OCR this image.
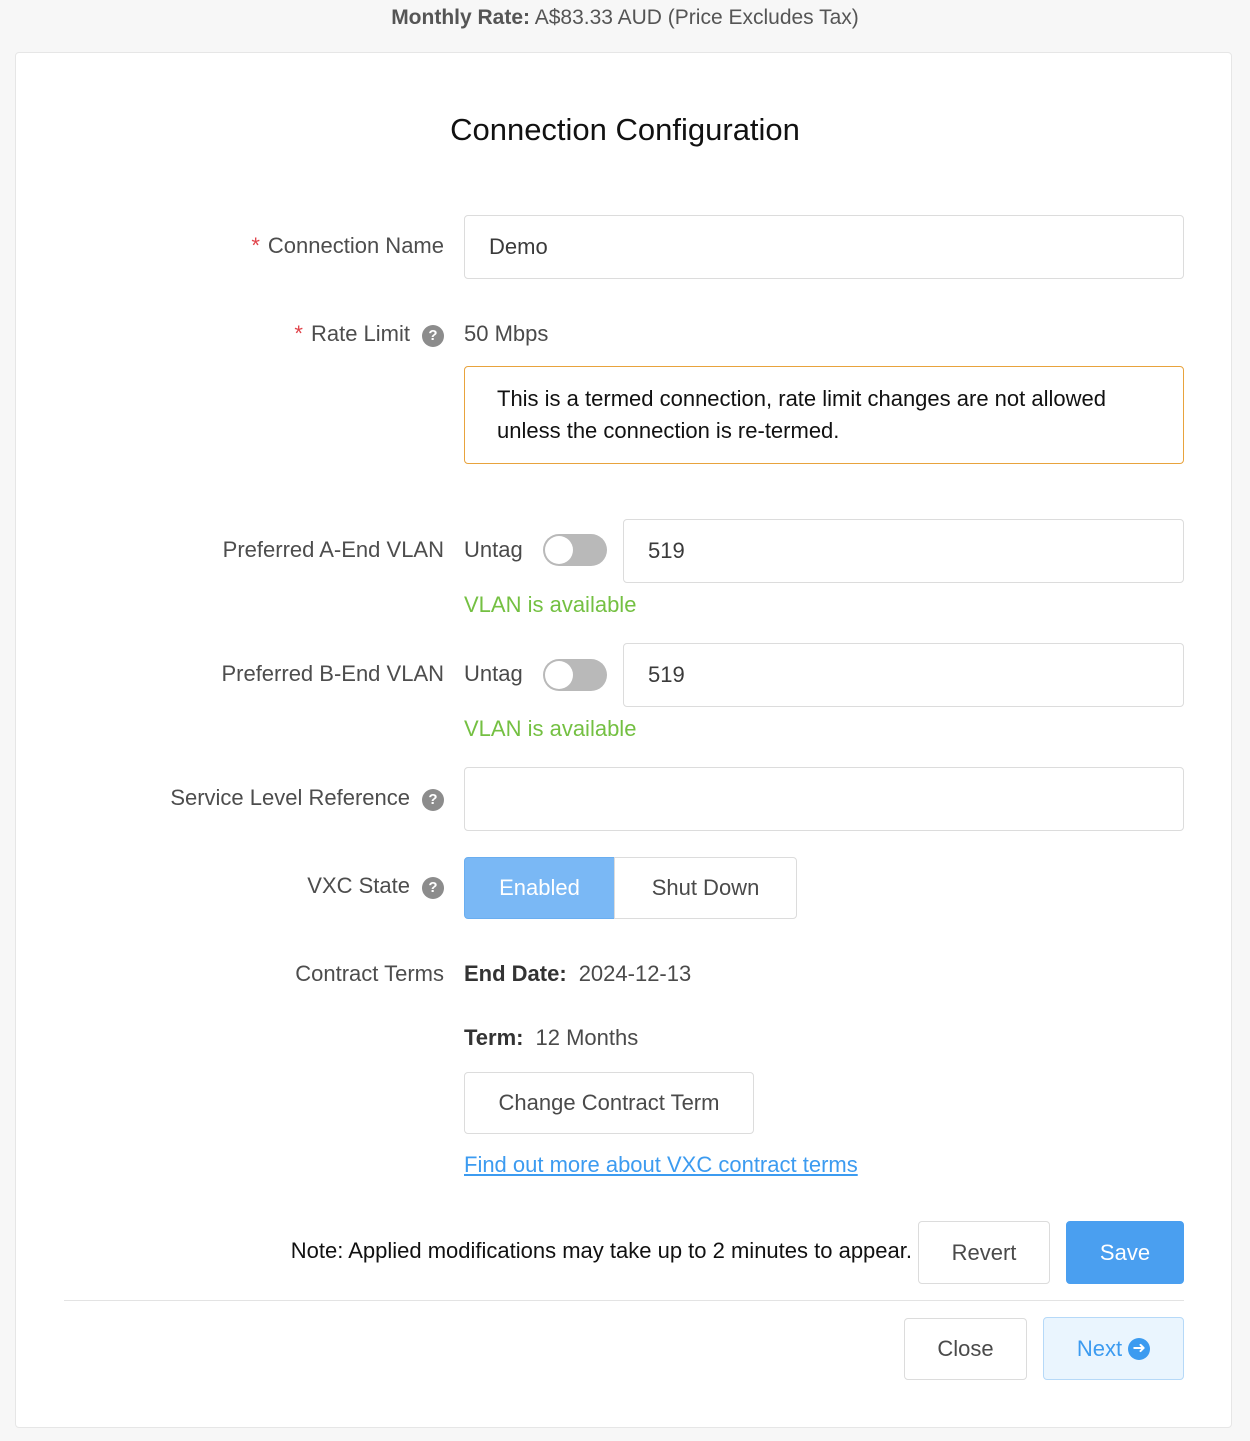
Monthly Rate: A$83.33 AUD (Price Excludes Tax)
Connection Configuration
* Connection Name	Demo
* Rate Limit ? 50 Mbps
This is a termed connection, rate limit changes are not allowed unless the connection is re-termed.
Preferred A-End VLAN Untag	519
VLAN is available
Preferred B-End VLAN Untag	519
VLAN is available
Service Level Reference ?
VXC State ?	Enabled	Shut Down
Contract Terms End Date: 2024-12-13
Term: 12 Months
Change Contract Term
Find out more about VXC contract terms
Note: Applied modifications may take up to 2 minutes to appear.	Revert	Save
Close	Next ➜
